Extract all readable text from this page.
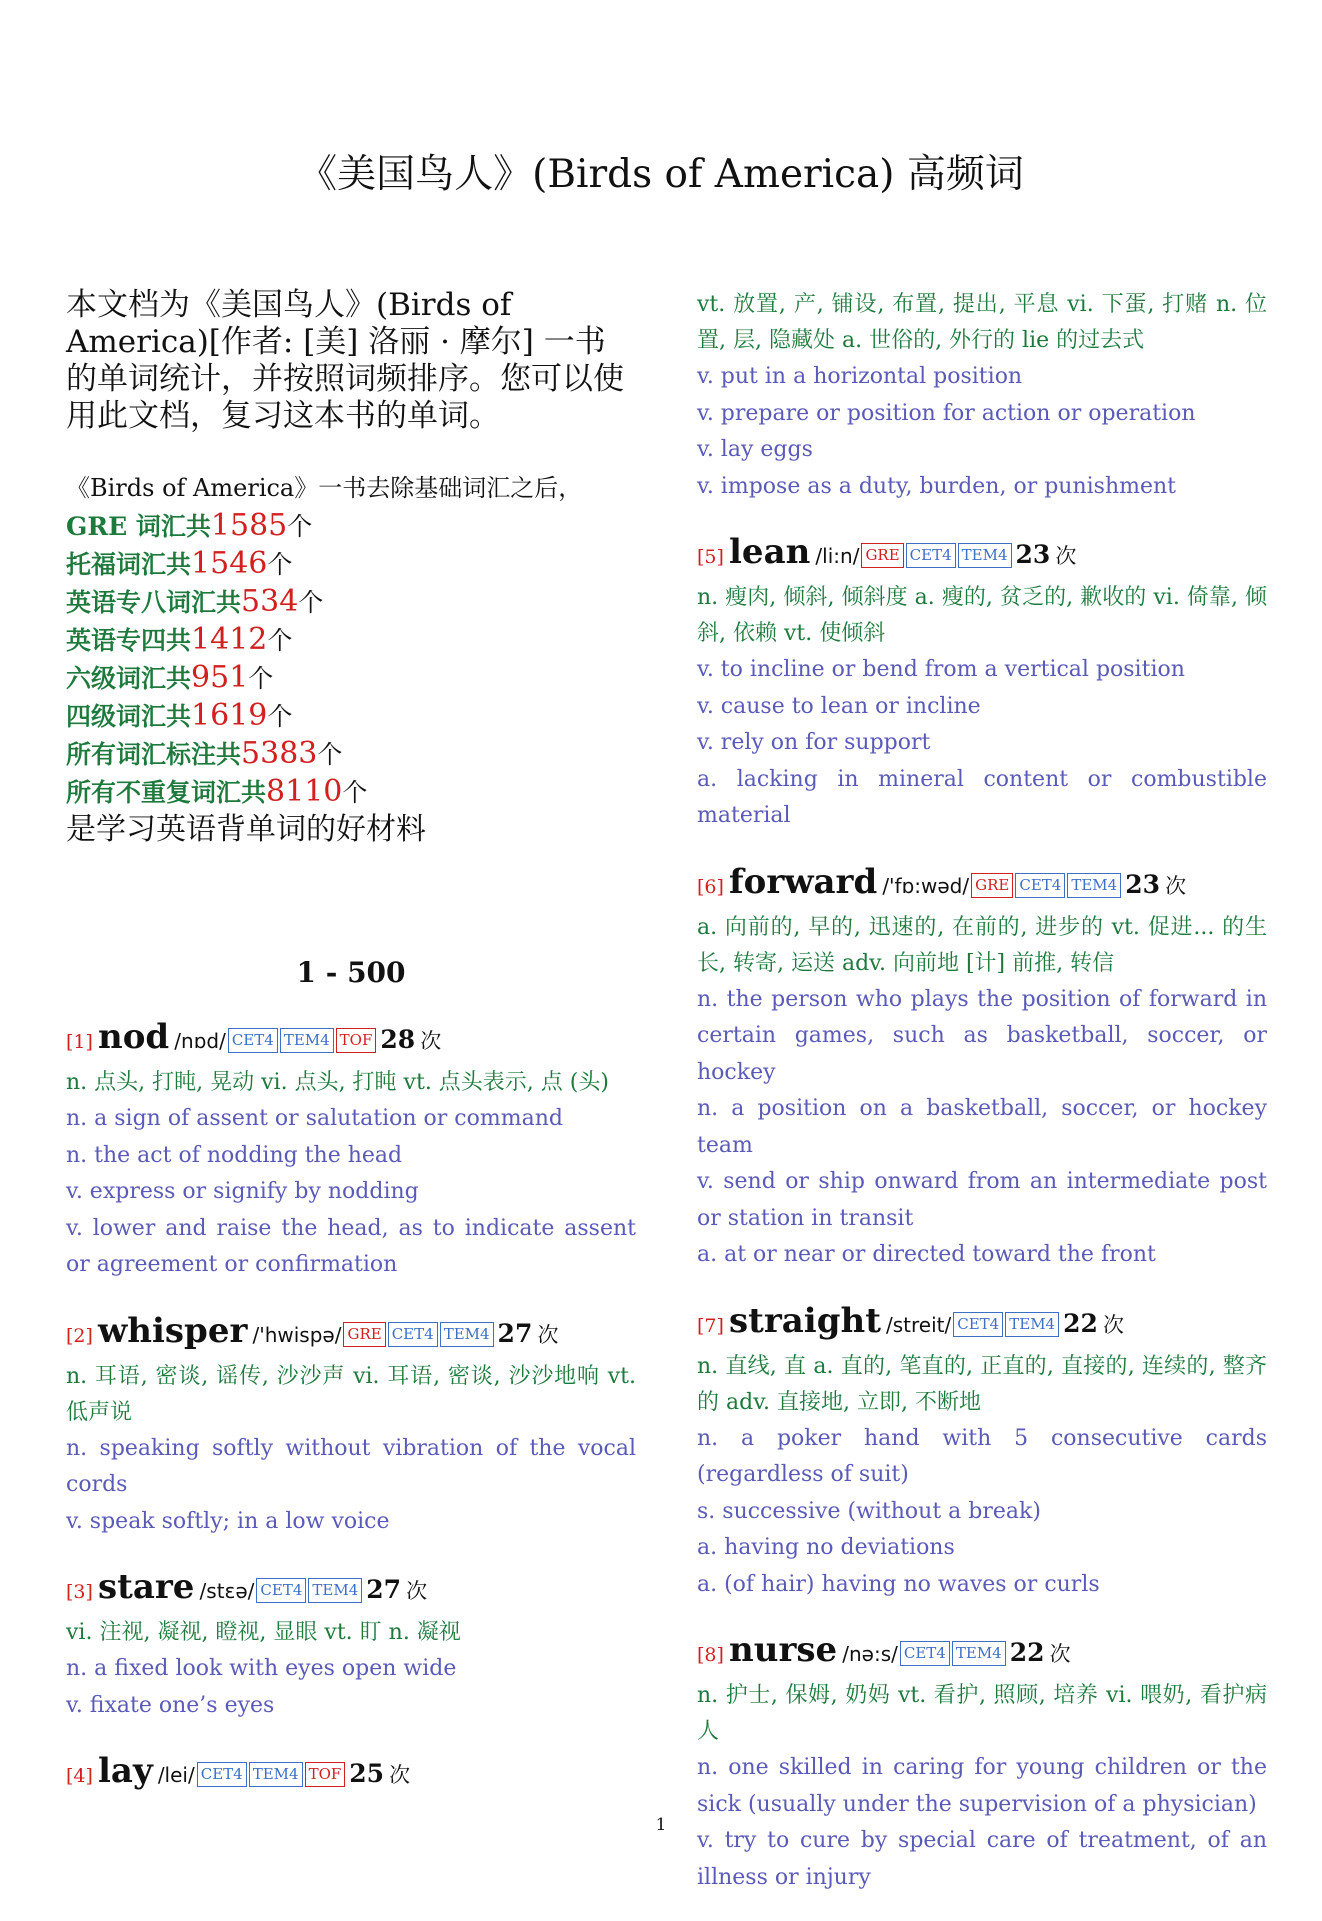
《美国鸟人》(Birds of America) 高频词

本文档为《美国鸟人》(Birds of America)[作者: [美] 洛丽 · 摩尔] 一书的单词统计，并按照词频排序。您可以使用此文档，复习这本书的单词。

《Birds of America》一书去除基础词汇之后，
GRE 词汇共1585个
托福词汇共1546个
英语专八词汇共534个
英语专四共1412个
六级词汇共951个
四级词汇共1619个
所有词汇标注共5383个
所有不重复词汇共8110个
是学习英语背单词的好材料
1 - 500
[1] nod /nɒd/ CET4 TEM4 TOF 28 次

n. 点头, 打盹, 晃动 vi. 点头, 打盹 vt. 点头表示, 点 (头)

n. a sign of assent or salutation or command

n. the act of nodding the head

v. express or signify by nodding

v. lower and raise the head, as to indicate assent or agreement or confirmation

[2] whisper /'hwispə/ GRE CET4 TEM4 27 次

n. 耳语, 密谈, 谣传, 沙沙声 vi. 耳语, 密谈, 沙沙地响 vt. 低声说

n. speaking softly without vibration of the vocal cords

v. speak softly; in a low voice

[3] stare /stɛə/ CET4 TEM4 27 次

vi. 注视, 凝视, 瞪视, 显眼 vt. 盯 n. 凝视

n. a fixed look with eyes open wide

v. fixate one’s eyes

[4] lay /lei/ CET4 TEM4 TOF 25 次

vt. 放置, 产, 铺设, 布置, 提出, 平息 vi. 下蛋, 打赌 n. 位置, 层, 隐藏处 a. 世俗的, 外行的 lie 的过去式

v. put in a horizontal position

v. prepare or position for action or operation

v. lay eggs

v. impose as a duty, burden, or punishment

[5] lean /li:n/ GRE CET4 TEM4 23 次

n. 瘦肉, 倾斜, 倾斜度 a. 瘦的, 贫乏的, 歉收的 vi. 倚靠, 倾斜, 依赖 vt. 使倾斜

v. to incline or bend from a vertical position

v. cause to lean or incline

v. rely on for support

a. lacking in mineral content or combustible material

[6] forward /'fɒ:wəd/ GRE CET4 TEM4 23 次

a. 向前的, 早的, 迅速的, 在前的, 进步的 vt. 促进... 的生长, 转寄, 运送 adv. 向前地 [计] 前推, 转信

n. the person who plays the position of forward in certain games, such as basketball, soccer, or hockey

n. a position on a basketball, soccer, or hockey team

v. send or ship onward from an intermediate post or station in transit

a. at or near or directed toward the front

[7] straight /streit/ CET4 TEM4 22 次

n. 直线, 直 a. 直的, 笔直的, 正直的, 直接的, 连续的, 整齐的 adv. 直接地, 立即, 不断地

n. a poker hand with 5 consecutive cards (regardless of suit)

s. successive (without a break)

a. having no deviations

a. (of hair) having no waves or curls

[8] nurse /nə:s/ CET4 TEM4 22 次

n. 护士, 保姆, 奶妈 vt. 看护, 照顾, 培养 vi. 喂奶, 看护病人

n. one skilled in caring for young children or the sick (usually under the supervision of a physician)

v. try to cure by special care of treatment, of an illness or injury

1
